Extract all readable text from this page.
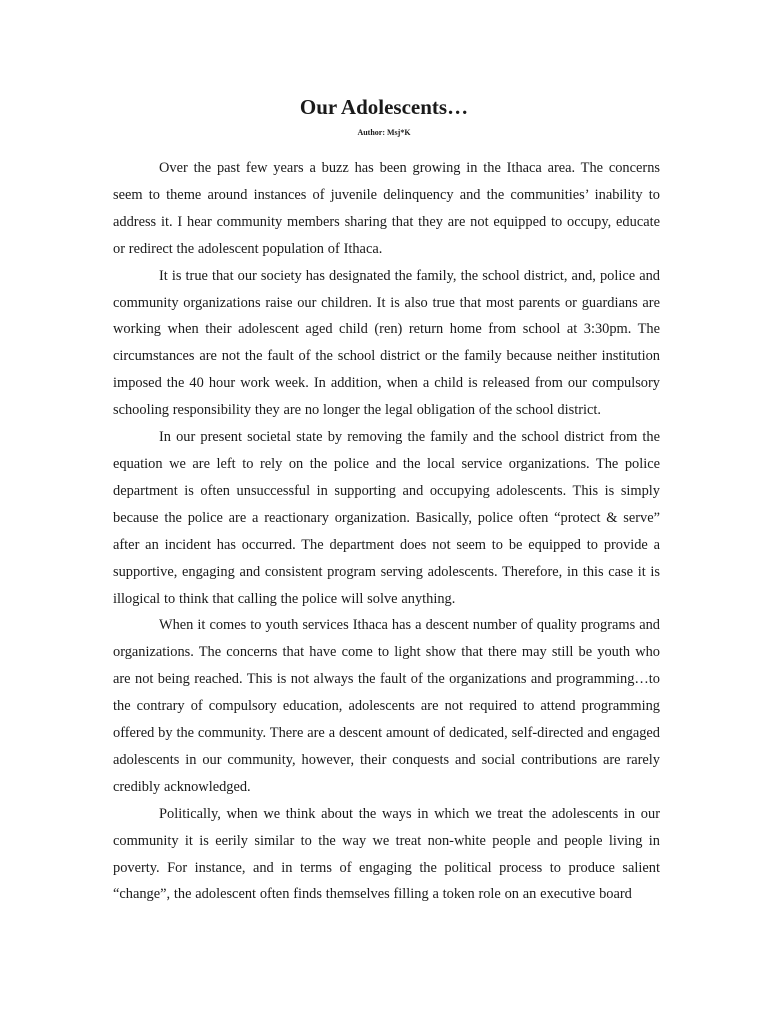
Our Adolescents…
Author: Msj*K

Over the past few years a buzz has been growing in the Ithaca area. The concerns seem to theme around instances of juvenile delinquency and the communities’ inability to address it. I hear community members sharing that they are not equipped to occupy, educate or redirect the adolescent population of Ithaca.

It is true that our society has designated the family, the school district, and, police and community organizations raise our children. It is also true that most parents or guardians are working when their adolescent aged child (ren) return home from school at 3:30pm. The circumstances are not the fault of the school district or the family because neither institution imposed the 40 hour work week. In addition, when a child is released from our compulsory schooling responsibility they are no longer the legal obligation of the school district.

In our present societal state by removing the family and the school district from the equation we are left to rely on the police and the local service organizations. The police department is often unsuccessful in supporting and occupying adolescents. This is simply because the police are a reactionary organization. Basically, police often “protect & serve” after an incident has occurred. The department does not seem to be equipped to provide a supportive, engaging and consistent program serving adolescents. Therefore, in this case it is illogical to think that calling the police will solve anything.

When it comes to youth services Ithaca has a descent number of quality programs and organizations. The concerns that have come to light show that there may still be youth who are not being reached. This is not always the fault of the organizations and programming…to the contrary of compulsory education, adolescents are not required to attend programming offered by the community. There are a descent amount of dedicated, self-directed and engaged adolescents in our community, however, their conquests and social contributions are rarely credibly acknowledged.

Politically, when we think about the ways in which we treat the adolescents in our community it is eerily similar to the way we treat non-white people and people living in poverty. For instance, and in terms of engaging the political process to produce salient “change”, the adolescent often finds themselves filling a token role on an executive board
